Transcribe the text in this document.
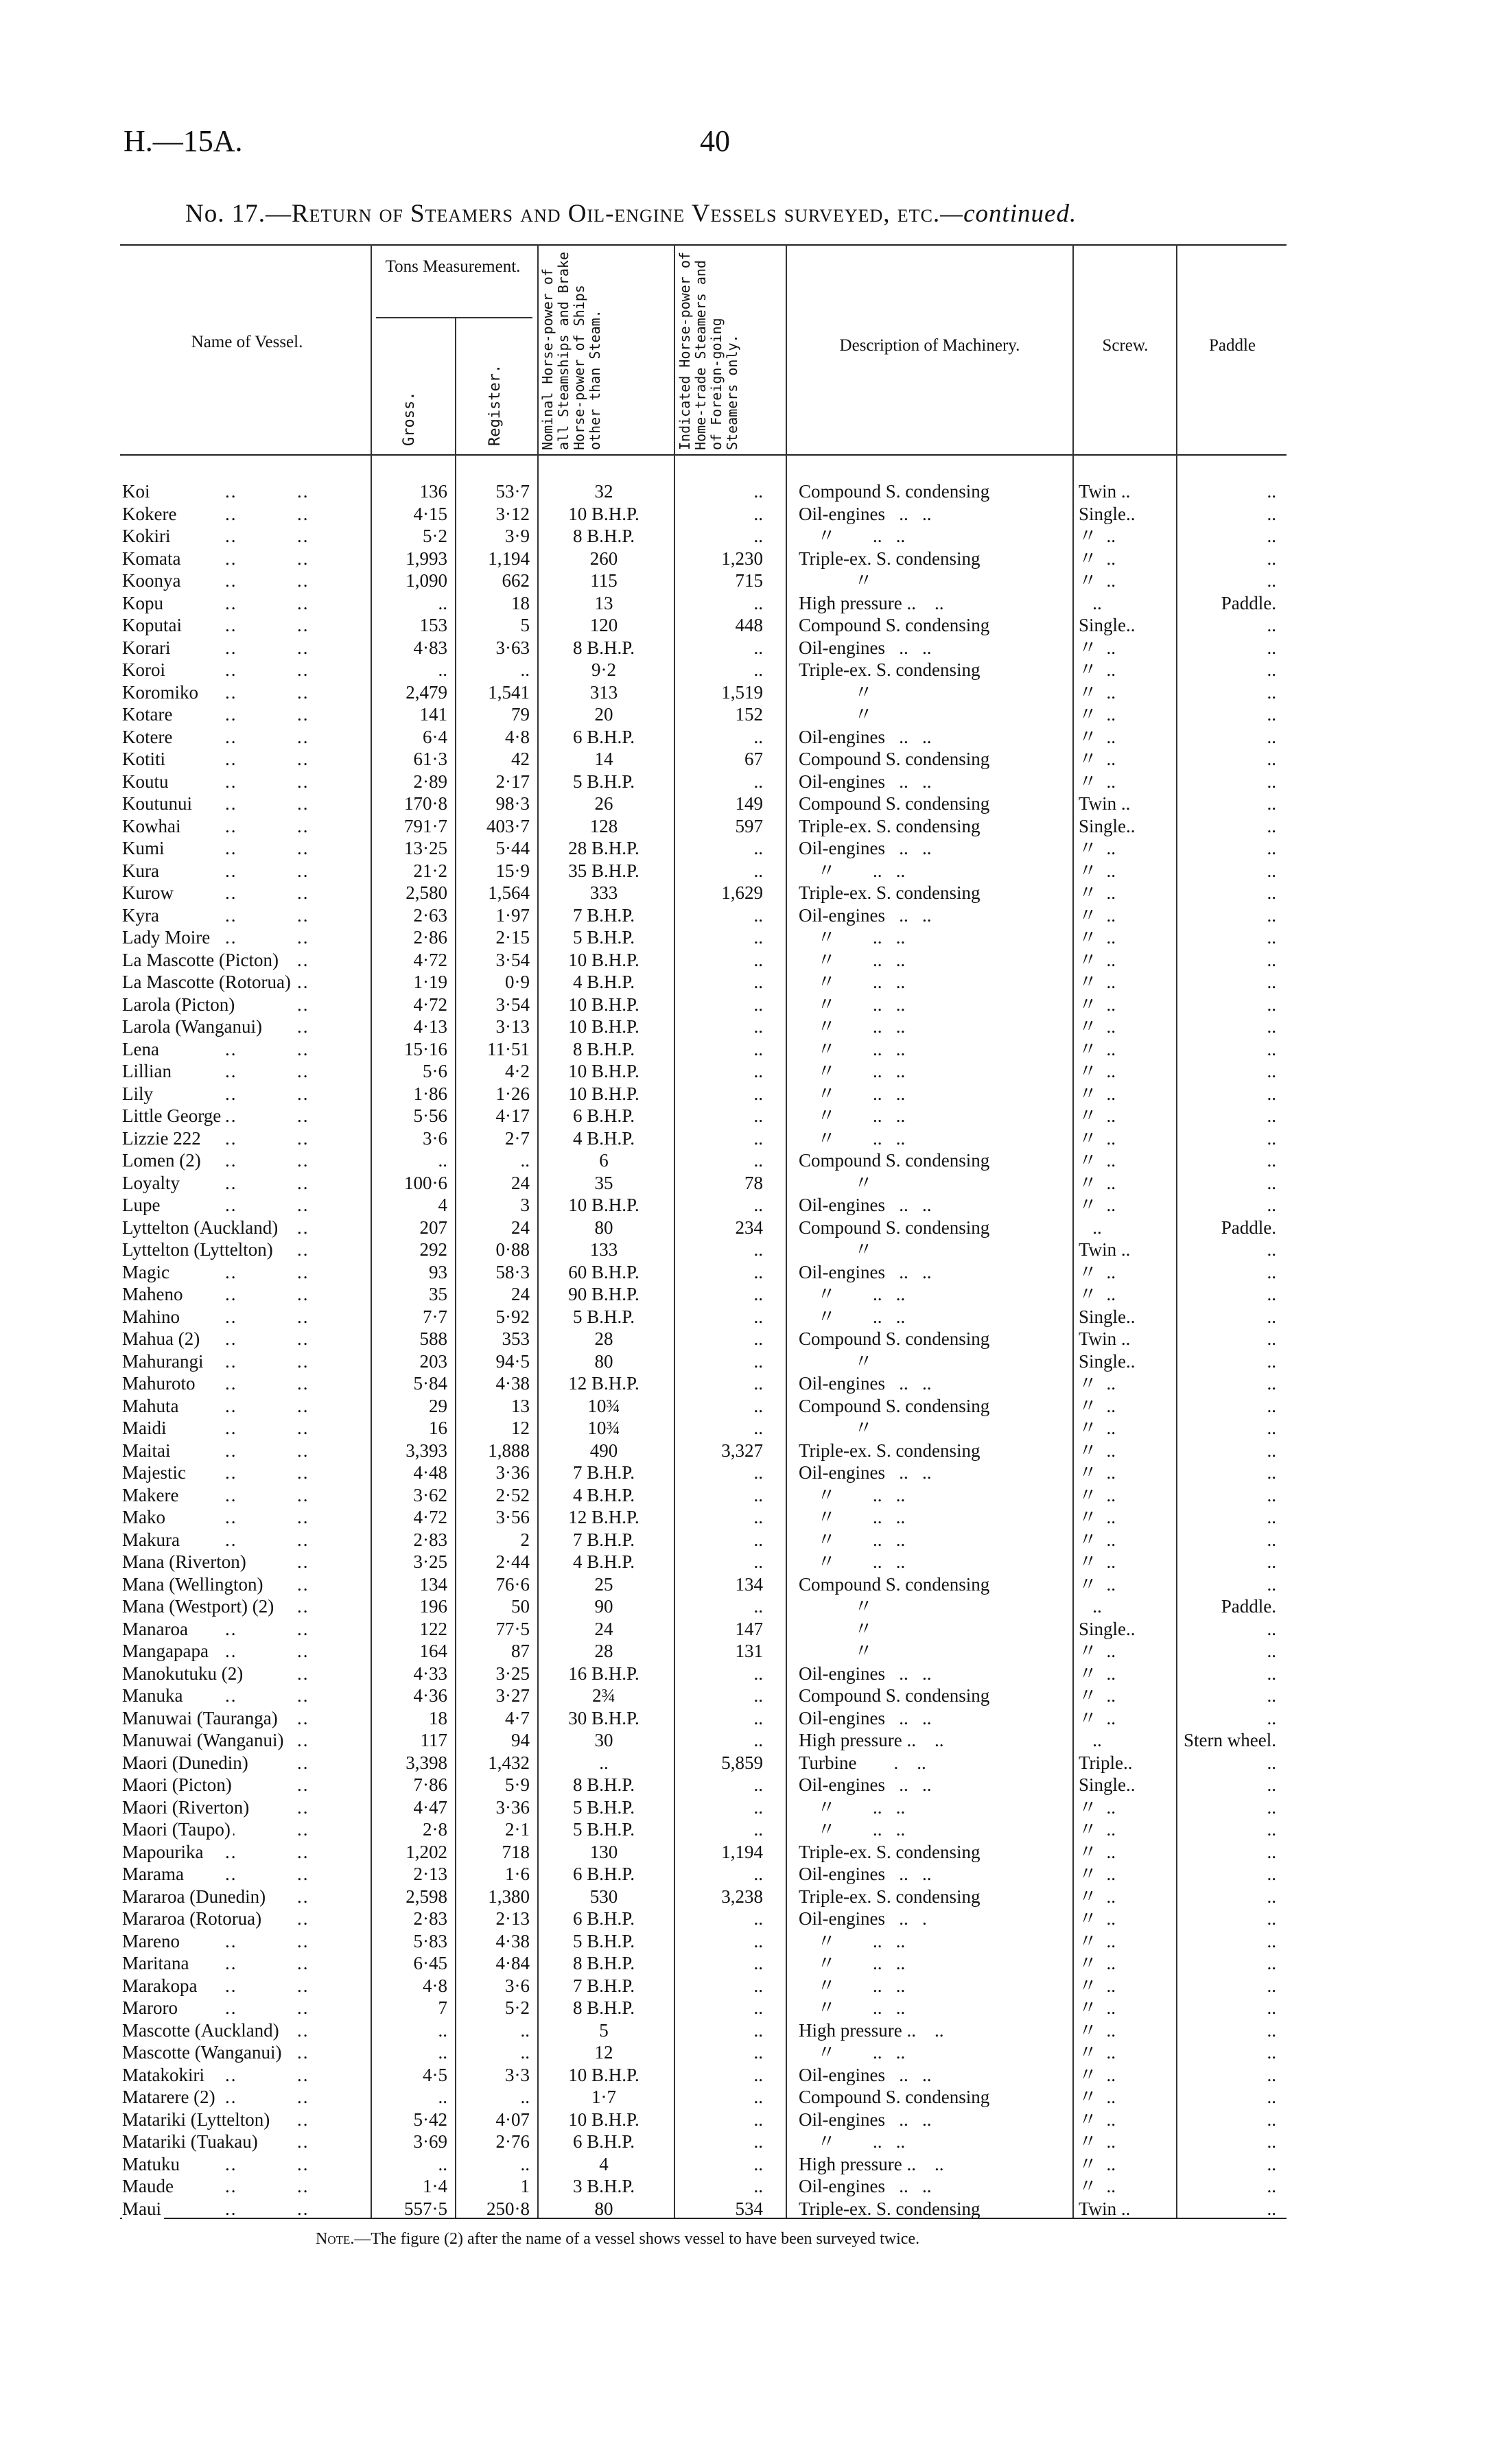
H.—15A.	40
No. 17.—Return of Steamers and Oil-engine Vessels surveyed, etc.—continued.
Name of Vessel.
Tons Measurement.
Gross.	Register.	Nominal Horse-power of all Steamships and Brake Horse-power of Ships other than Steam.	Indicated Horse-power of Home-trade Steamers and of Foreign-going Steamers only.	Description of Machinery.	Screw.	Paddle
Koi ..	136	53·7	32	..	Compound S. condensing	Twin ..	..
Kokere ..	4·15	3·12	10 B.H.P.	..	Oil-engines   ..   ..	Single..	..
Kokiri ..	5·2	3·9	8 B.H.P.	..	〃        ..   ..	〃  ..	..
Komata ..	1,993	1,194	260	1,230	Triple-ex. S. condensing	〃  ..	..
Koonya ..	1,090	662	115	715	〃	〃  ..	..
Kopu ..	..	18	13	..	High pressure ..    ..	..	Paddle.
Koputai ..	153	5	120	448	Compound S. condensing	Single..	..
Korari ..	4·83	3·63	8 B.H.P.	..	Oil-engines   ..   ..	〃  ..	..
Koroi ..	..	..	9·2	..	Triple-ex. S. condensing	〃  ..	..
Koromiko ..	2,479	1,541	313	1,519	〃	〃  ..	..
Kotare ..	141	79	20	152	〃	〃  ..	..
Kotere ..	6·4	4·8	6 B.H.P.	..	Oil-engines   ..   ..	〃  ..	..
Kotiti ..	61·3	42	14	67	Compound S. condensing	〃  ..	..
Koutu ..	2·89	2·17	5 B.H.P.	..	Oil-engines   ..   ..	〃  ..	..
Koutunui ..	170·8	98·3	26	149	Compound S. condensing	Twin ..	..
Kowhai ..	791·7	403·7	128	597	Triple-ex. S. condensing	Single..	..
Kumi ..	13·25	5·44	28 B.H.P.	..	Oil-engines   ..   ..	〃  ..	..
Kura ..	21·2	15·9	35 B.H.P.	..	〃        ..   ..	〃  ..	..
Kurow ..	2,580	1,564	333	1,629	Triple-ex. S. condensing	〃  ..	..
Kyra ..	2·63	1·97	7 B.H.P.	..	Oil-engines   ..   ..	〃  ..	..
Lady Moire ..	2·86	2·15	5 B.H.P.	..	〃        ..   ..	〃  ..	..
La Mascotte (Picton) ..	4·72	3·54	10 B.H.P.	..	〃        ..   ..	〃  ..	..
La Mascotte (Rotorua) ..	1·19	0·9	4 B.H.P.	..	〃        ..   ..	〃  ..	..
Larola (Picton) ..	4·72	3·54	10 B.H.P.	..	〃        ..   ..	〃  ..	..
Larola (Wanganui) ..	4·13	3·13	10 B.H.P.	..	〃        ..   ..	〃  ..	..
Lena ..	15·16	11·51	8 B.H.P.	..	〃        ..   ..	〃  ..	..
Lillian ..	5·6	4·2	10 B.H.P.	..	〃        ..   ..	〃  ..	..
Lily ..	1·86	1·26	10 B.H.P.	..	〃        ..   ..	〃  ..	..
Little George ..	5·56	4·17	6 B.H.P.	..	〃        ..   ..	〃  ..	..
Lizzie 222 ..	3·6	2·7	4 B.H.P.	..	〃        ..   ..	〃  ..	..
Lomen (2) ..	..	..	6	..	Compound S. condensing	〃  ..	..
Loyalty ..	100·6	24	35	78	〃	〃  ..	..
Lupe ..	4	3	10 B.H.P.	..	Oil-engines   ..   ..	〃  ..	..
Lyttelton (Auckland) ..	207	24	80	234	Compound S. condensing	..	Paddle.
Lyttelton (Lyttelton) ..	292	0·88	133	..	〃	Twin ..	..
Magic ..	93	58·3	60 B.H.P.	..	Oil-engines   ..   ..	〃  ..	..
Maheno ..	35	24	90 B.H.P.	..	〃        ..   ..	〃  ..	..
Mahino ..	7·7	5·92	5 B.H.P.	..	〃        ..   ..	Single..	..
Mahua (2) ..	588	353	28	..	Compound S. condensing	Twin ..	..
Mahurangi ..	203	94·5	80	..	〃	Single..	..
Mahuroto ..	5·84	4·38	12 B.H.P.	..	Oil-engines   ..   ..	〃  ..	..
Mahuta ..	29	13	10¾	..	Compound S. condensing	〃  ..	..
Maidi ..	16	12	10¾	..	〃	〃  ..	..
Maitai ..	3,393	1,888	490	3,327	Triple-ex. S. condensing	〃  ..	..
Majestic ..	4·48	3·36	7 B.H.P.	..	Oil-engines   ..   ..	〃  ..	..
Makere ..	3·62	2·52	4 B.H.P.	..	〃        ..   ..	〃  ..	..
Mako ..	4·72	3·56	12 B.H.P.	..	〃        ..   ..	〃  ..	..
Makura ..	2·83	2	7 B.H.P.	..	〃        ..   ..	〃  ..	..
Mana (Riverton) ..	3·25	2·44	4 B.H.P.	..	〃        ..   ..	〃  ..	..
Mana (Wellington) ..	134	76·6	25	134	Compound S. condensing	〃  ..	..
Mana (Westport) (2) ..	196	50	90	..	〃	..	Paddle.
Manaroa ..	122	77·5	24	147	〃	Single..	..
Mangapapa ..	164	87	28	131	〃	〃  ..	..
Manokutuku (2) ..	4·33	3·25	16 B.H.P.	..	Oil-engines   ..   ..	〃  ..	..
Manuka ..	4·36	3·27	2¾	..	Compound S. condensing	〃  ..	..
Manuwai (Tauranga) ..	18	4·7	30 B.H.P.	..	Oil-engines   ..   ..	〃  ..	..
Manuwai (Wanganui) ..	117	94	30	..	High pressure ..    ..	..	Stern wheel.
Maori (Dunedin) ..	3,398	1,432	..	5,859	Turbine        .    ..	Triple..	..
Maori (Picton) ..	7·86	5·9	8 B.H.P.	..	Oil-engines   ..   ..	Single..	..
Maori (Riverton) ..	4·47	3·36	5 B.H.P.	..	〃        ..   ..	〃  ..	..
Maori (Taupo) ..	2·8	2·1	5 B.H.P.	..	〃        ..   ..	〃  ..	..
Mapourika ..	1,202	718	130	1,194	Triple-ex. S. condensing	〃  ..	..
Marama ..	2·13	1·6	6 B.H.P.	..	Oil-engines   ..   ..	〃  ..	..
Mararoa (Dunedin) ..	2,598	1,380	530	3,238	Triple-ex. S. condensing	〃  ..	..
Mararoa (Rotorua) ..	2·83	2·13	6 B.H.P.	..	Oil-engines   ..   .	〃  ..	..
Mareno ..	5·83	4·38	5 B.H.P.	..	〃        ..   ..	〃  ..	..
Maritana ..	6·45	4·84	8 B.H.P.	..	〃        ..   ..	〃  ..	..
Marakopa ..	4·8	3·6	7 B.H.P.	..	〃        ..   ..	〃  ..	..
Maroro ..	7	5·2	8 B.H.P.	..	〃        ..   ..	〃  ..	..
Mascotte (Auckland) ..	..	..	5	..	High pressure ..    ..	〃  ..	..
Mascotte (Wanganui) ..	..	..	12	..	〃        ..   ..	〃  ..	..
Matakokiri ..	4·5	3·3	10 B.H.P.	..	Oil-engines   ..   ..	〃  ..	..
Matarere (2) ..	..	..	1·7	..	Compound S. condensing	〃  ..	..
Matariki (Lyttelton) ..	5·42	4·07	10 B.H.P.	..	Oil-engines   ..   ..	〃  ..	..
Matariki (Tuakau) ..	3·69	2·76	6 B.H.P.	..	〃        ..   ..	〃  ..	..
Matuku ..	..	..	4	..	High pressure ..    ..	〃  ..	..
Maude ..	1·4	1	3 B.H.P.	..	Oil-engines   ..   ..	〃  ..	..
Maui ..	557·5	250·8	80	534	Triple-ex. S. condensing	Twin ..	..
Note.—The figure (2) after the name of a vessel shows vessel to have been surveyed twice.
